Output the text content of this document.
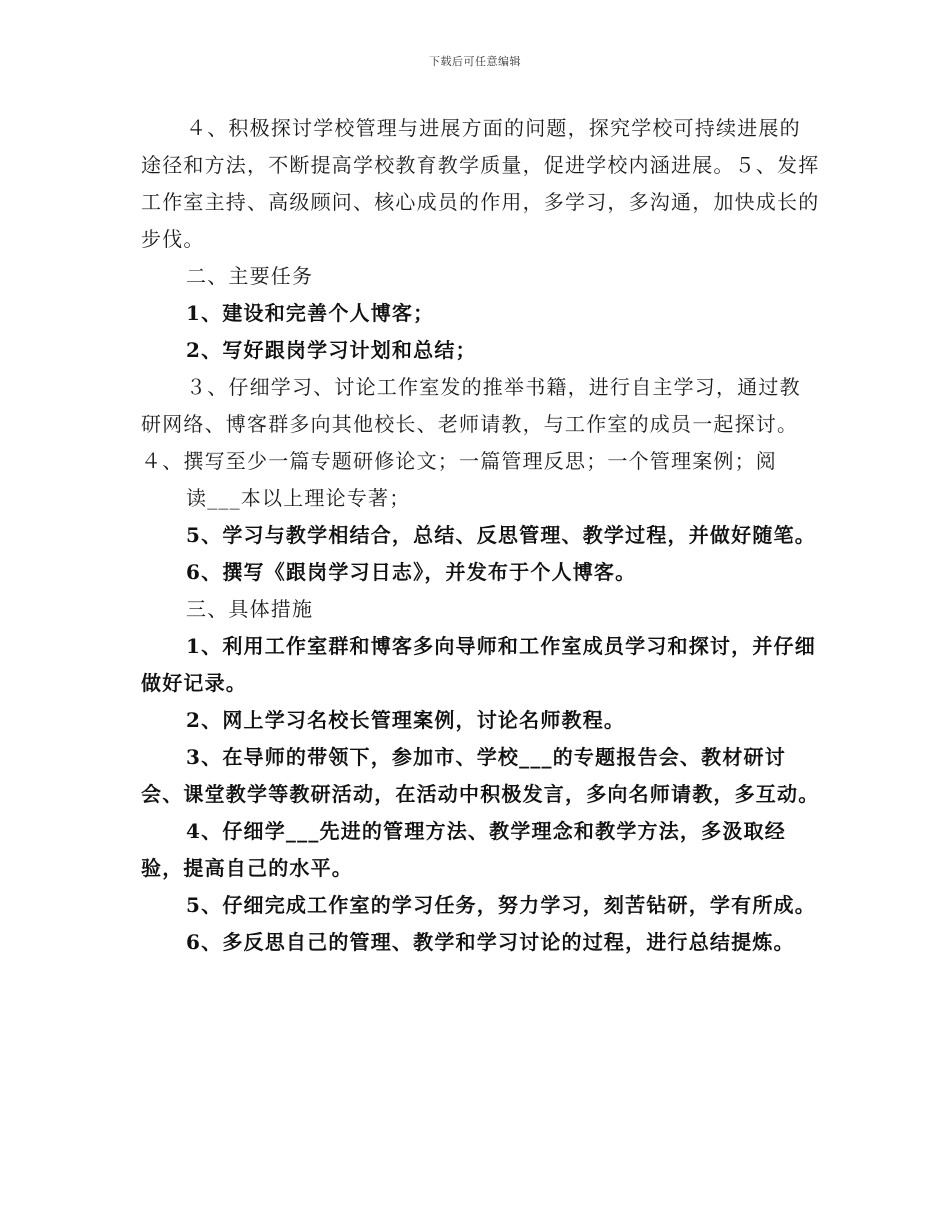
下载后可任意编辑

４、积极探讨学校管理与进展方面的问题，探究学校可持续进展的途径和方法，不断提高学校教育教学质量，促进学校内涵进展。５、发挥工作室主持、高级顾问、核心成员的作用，多学习，多沟通，加快成长的步伐。

二、主要任务

1、建设和完善个人博客；

2、写好跟岗学习计划和总结；

３、仔细学习、讨论工作室发的推举书籍，进行自主学习，通过教研网络、博客群多向其他校长、老师请教，与工作室的成员一起探讨。４、撰写至少一篇专题研修论文；一篇管理反思；一个管理案例；阅

读___本以上理论专著；

5、学习与教学相结合，总结、反思管理、教学过程，并做好随笔。

6、撰写《跟岗学习日志》，并发布于个人博客。

三、具体措施

1、利用工作室群和博客多向导师和工作室成员学习和探讨，并仔细做好记录。

2、网上学习名校长管理案例，讨论名师教程。

3、在导师的带领下，参加市、学校___的专题报告会、教材研讨会、课堂教学等教研活动，在活动中积极发言，多向名师请教，多互动。

4、仔细学___先进的管理方法、教学理念和教学方法，多汲取经验，提高自己的水平。

5、仔细完成工作室的学习任务，努力学习，刻苦钻研，学有所成。

6、多反思自己的管理、教学和学习讨论的过程，进行总结提炼。
